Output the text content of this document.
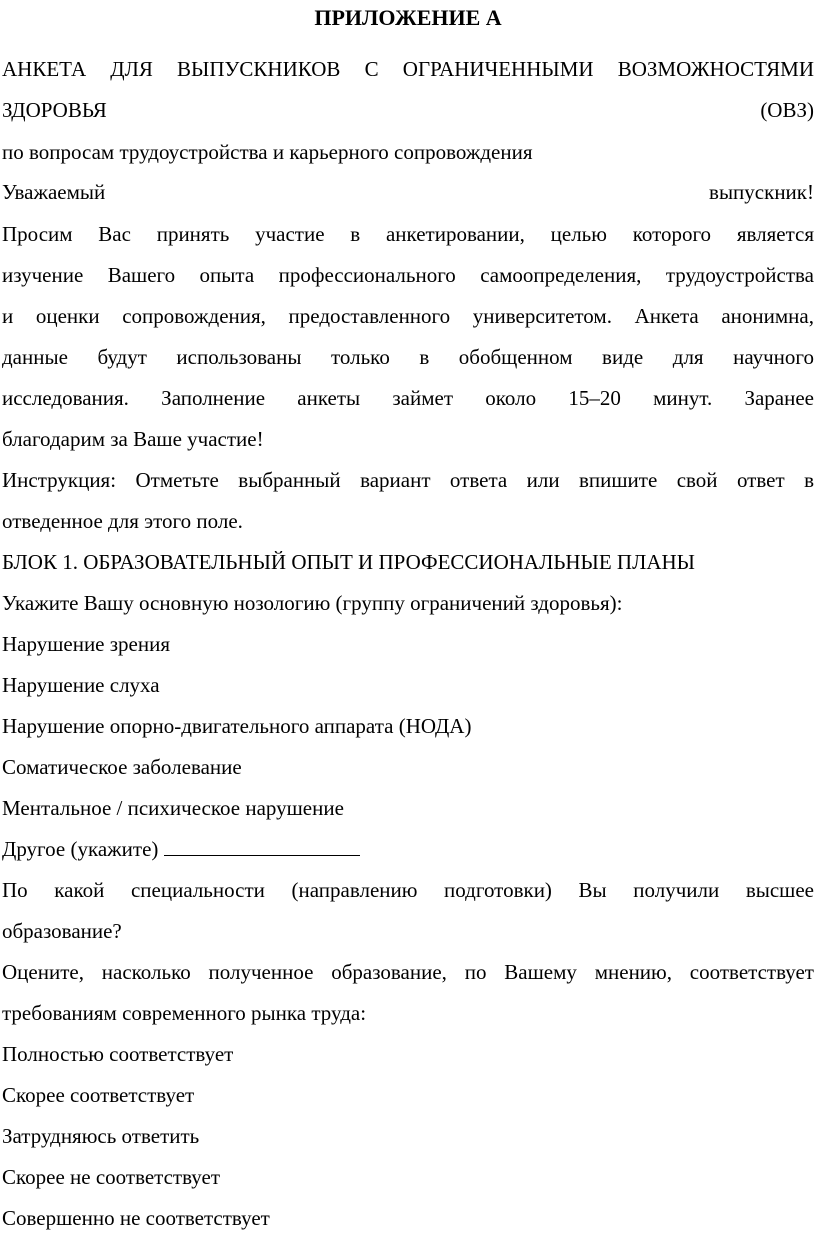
ПРИЛОЖЕНИЕ А
АНКЕТА ДЛЯ ВЫПУСКНИКОВ С ОГРАНИЧЕННЫМИ ВОЗМОЖНОСТЯМИ
ЗДОРОВЬЯ	(ОВЗ)
по вопросам трудоустройства и карьерного сопровождения
Уважаемый	выпускник!
Просим Вас принять участие в анкетировании, целью которого является
изучение Вашего опыта профессионального самоопределения, трудоустройства
и оценки сопровождения, предоставленного университетом. Анкета анонимна,
данные будут использованы только в обобщенном виде для научного
исследования. Заполнение анкеты займет около 15–20 минут. Заранее
благодарим за Ваше участие!
Инструкция: Отметьте выбранный вариант ответа или впишите свой ответ в
отведенное для этого поле.
БЛОК 1. ОБРАЗОВАТЕЛЬНЫЙ ОПЫТ И ПРОФЕССИОНАЛЬНЫЕ ПЛАНЫ
Укажите Вашу основную нозологию (группу ограничений здоровья):
Нарушение зрения
Нарушение слуха
Нарушение опорно-двигательного аппарата (НОДА)
Соматическое заболевание
Ментальное / психическое нарушение
Другое (укажите)
По какой специальности (направлению подготовки) Вы получили высшее
образование?
Оцените, насколько полученное образование, по Вашему мнению, соответствует
требованиям современного рынка труда:
Полностью соответствует
Скорее соответствует
Затрудняюсь ответить
Скорее не соответствует
Совершенно не соответствует
